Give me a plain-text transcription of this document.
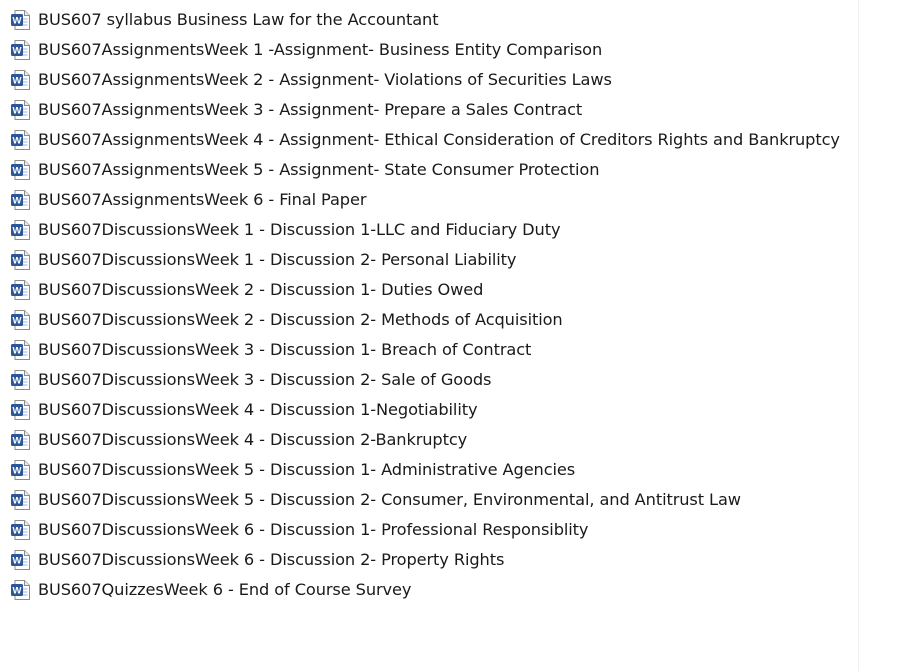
W BUS607 syllabus Business Law for the Accountant
W BUS607AssignmentsWeek 1 -Assignment- Business Entity Comparison
W BUS607AssignmentsWeek 2 - Assignment- Violations of Securities Laws
W BUS607AssignmentsWeek 3 - Assignment- Prepare a Sales Contract
W BUS607AssignmentsWeek 4 - Assignment- Ethical Consideration of Creditors Rights and Bankruptcy
W BUS607AssignmentsWeek 5 - Assignment- State Consumer Protection
W BUS607AssignmentsWeek 6 - Final Paper
W BUS607DiscussionsWeek 1 - Discussion 1-LLC and Fiduciary Duty
W BUS607DiscussionsWeek 1 - Discussion 2- Personal Liability
W BUS607DiscussionsWeek 2 - Discussion 1- Duties Owed
W BUS607DiscussionsWeek 2 - Discussion 2- Methods of Acquisition
W BUS607DiscussionsWeek 3 - Discussion 1- Breach of Contract
W BUS607DiscussionsWeek 3 - Discussion 2- Sale of Goods
W BUS607DiscussionsWeek 4 - Discussion 1-Negotiability
W BUS607DiscussionsWeek 4 - Discussion 2-Bankruptcy
W BUS607DiscussionsWeek 5 - Discussion 1- Administrative Agencies
W BUS607DiscussionsWeek 5 - Discussion 2- Consumer, Environmental, and Antitrust Law
W BUS607DiscussionsWeek 6 - Discussion 1- Professional Responsiblity
W BUS607DiscussionsWeek 6 - Discussion 2- Property Rights
W BUS607QuizzesWeek 6 - End of Course Survey
